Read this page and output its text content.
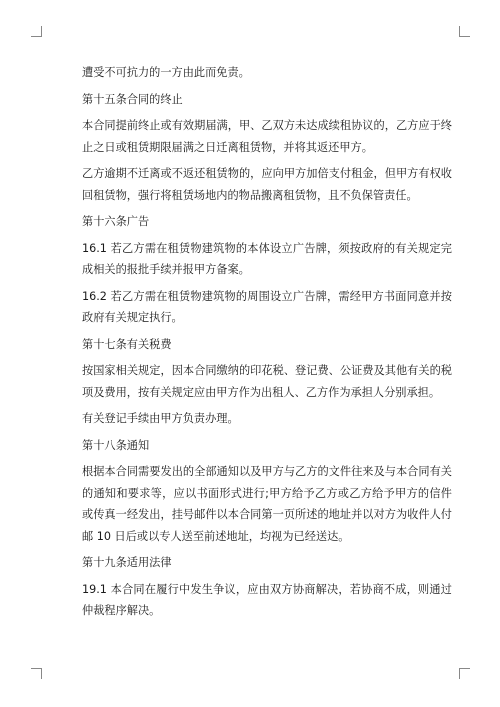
遭受不可抗力的一方由此而免责。

第十五条合同的终止

本合同提前终止或有效期届满，甲、乙双方未达成续租协议的，乙方应于终止之日或租赁期限届满之日迁离租赁物，并将其返还甲方。

乙方逾期不迁离或不返还租赁物的，应向甲方加倍支付租金，但甲方有权收回租赁物，强行将租赁场地内的物品搬离租赁物，且不负保管责任。

第十六条广告

16.1 若乙方需在租赁物建筑物的本体设立广告牌，须按政府的有关规定完成相关的报批手续并报甲方备案。

16.2 若乙方需在租赁物建筑物的周围设立广告牌，需经甲方书面同意并按政府有关规定执行。

第十七条有关税费

按国家相关规定，因本合同缴纳的印花税、登记费、公证费及其他有关的税项及费用，按有关规定应由甲方作为出租人、乙方作为承担人分别承担。

有关登记手续由甲方负责办理。

第十八条通知

根据本合同需要发出的全部通知以及甲方与乙方的文件往来及与本合同有关的通知和要求等，应以书面形式进行;甲方给予乙方或乙方给予甲方的信件或传真一经发出，挂号邮件以本合同第一页所述的地址并以对方为收件人付邮 10 日后或以专人送至前述地址，均视为已经送达。

第十九条适用法律

19.1 本合同在履行中发生争议，应由双方协商解决，若协商不成，则通过仲裁程序解决。
